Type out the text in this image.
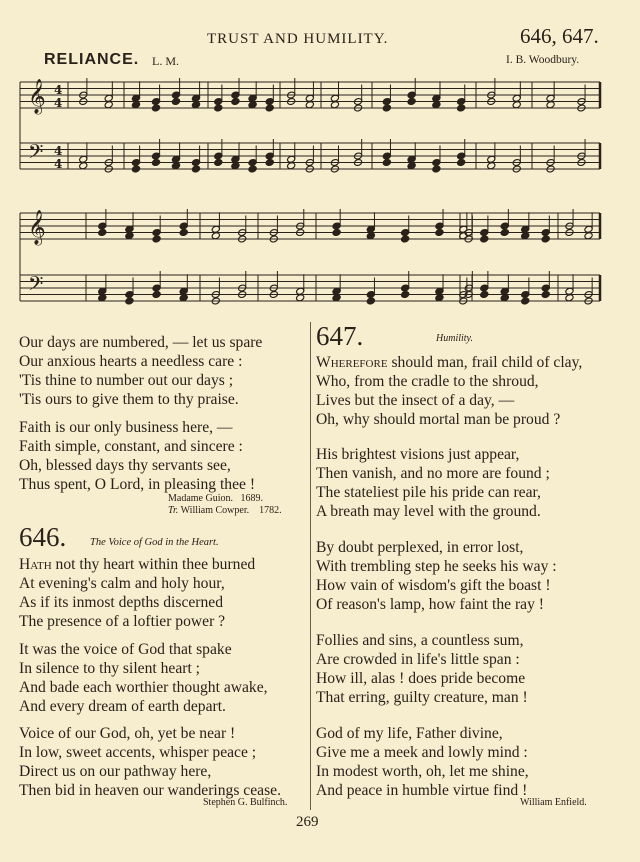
TRUST AND HUMILITY.	646, 647.
RELIANCE. L. M.	I. B. Woodbury.
𝄞 4
4
𝄢 4
4
𝄞
𝄢
Our days are numbered, — let us spare
Our anxious hearts a needless care :
'Tis thine to number out our days ;
'Tis ours to give them to thy praise.
Faith is our only business here, —
Faith simple, constant, and sincere :
Oh, blessed days thy servants see,
Thus spent, O Lord, in pleasing thee !
Madame Guion. 1689.
Tr. William Cowper. 1782.
646. The Voice of God in the Heart.
Hath not thy heart within thee burned
At evening's calm and holy hour,
As if its inmost depths discerned
The presence of a loftier power ?
It was the voice of God that spake
In silence to thy silent heart ;
And bade each worthier thought awake,
And every dream of earth depart.
Voice of our God, oh, yet be near !
In low, sweet accents, whisper peace ;
Direct us on our pathway here,
Then bid in heaven our wanderings cease.
Stephen G. Bulfinch.
647.	Humility.
Wherefore should man, frail child of clay,
Who, from the cradle to the shroud,
Lives but the insect of a day, —
Oh, why should mortal man be proud ?
His brightest visions just appear,
Then vanish, and no more are found ;
The stateliest pile his pride can rear,
A breath may level with the ground.
By doubt perplexed, in error lost,
With trembling step he seeks his way :
How vain of wisdom's gift the boast !
Of reason's lamp, how faint the ray !
Follies and sins, a countless sum,
Are crowded in life's little span :
How ill, alas ! does pride become
That erring, guilty creature, man !
God of my life, Father divine,
Give me a meek and lowly mind :
In modest worth, oh, let me shine,
And peace in humble virtue find !
William Enfield.
269
